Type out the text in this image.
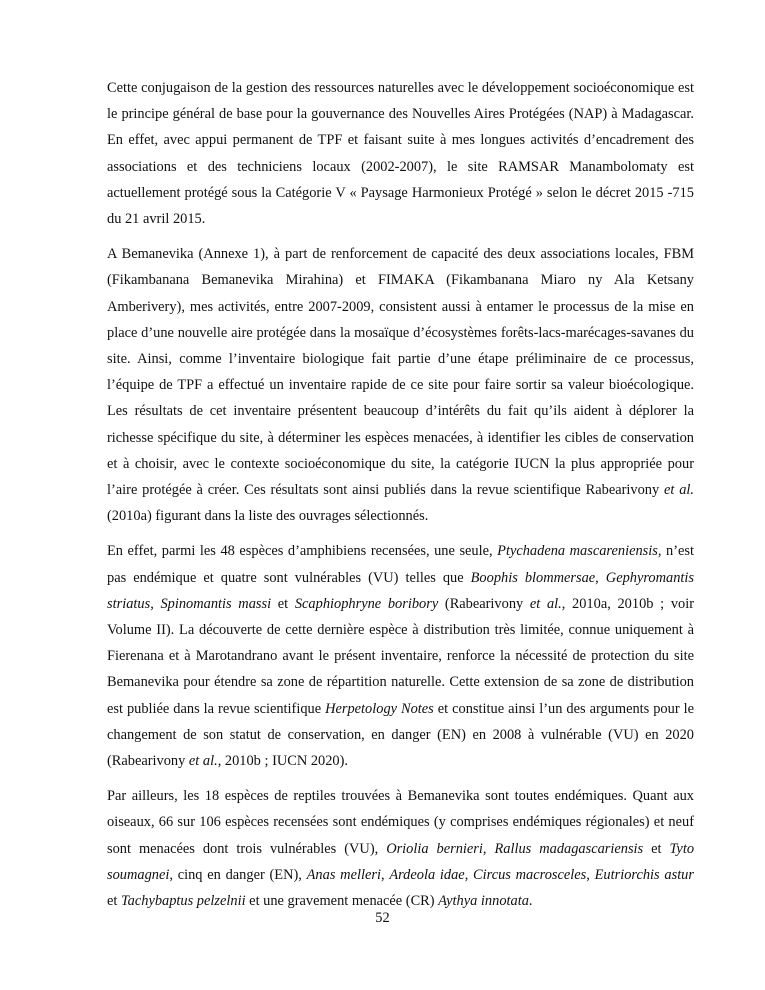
Cette conjugaison de la gestion des ressources naturelles avec le développement socioéconomique est le principe général de base pour la gouvernance des Nouvelles Aires Protégées (NAP) à Madagascar. En effet, avec appui permanent de TPF et faisant suite à mes longues activités d’encadrement des associations et des techniciens locaux (2002-2007), le site RAMSAR Manambolomaty est actuellement protégé sous la Catégorie V « Paysage Harmonieux Protégé » selon le décret 2015 -715 du 21 avril 2015.

A Bemanevika (Annexe 1), à part de renforcement de capacité des deux associations locales, FBM (Fikambanana Bemanevika Mirahina) et FIMAKA (Fikambanana Miaro ny Ala Ketsany Amberivery), mes activités, entre 2007-2009, consistent aussi à entamer le processus de la mise en place d’une nouvelle aire protégée dans la mosaïque d’écosystèmes forêts-lacs-marécages-savanes du site. Ainsi, comme l’inventaire biologique fait partie d’une étape préliminaire de ce processus, l’équipe de TPF a effectué un inventaire rapide de ce site pour faire sortir sa valeur bioécologique. Les résultats de cet inventaire présentent beaucoup d’intérêts du fait qu’ils aident à déplorer la richesse spécifique du site, à déterminer les espèces menacées, à identifier les cibles de conservation et à choisir, avec le contexte socioéconomique du site, la catégorie IUCN la plus appropriée pour l’aire protégée à créer. Ces résultats sont ainsi publiés dans la revue scientifique Rabearivony et al. (2010a) figurant dans la liste des ouvrages sélectionnés.

En effet, parmi les 48 espèces d’amphibiens recensées, une seule, Ptychadena mascareniensis, n’est pas endémique et quatre sont vulnérables (VU) telles que Boophis blommersae, Gephyromantis striatus, Spinomantis massi et Scaphiophryne boribory (Rabearivony et al., 2010a, 2010b ; voir Volume II). La découverte de cette dernière espèce à distribution très limitée, connue uniquement à Fierenana et à Marotandrano avant le présent inventaire, renforce la nécessité de protection du site Bemanevika pour étendre sa zone de répartition naturelle. Cette extension de sa zone de distribution est publiée dans la revue scientifique Herpetology Notes et constitue ainsi l’un des arguments pour le changement de son statut de conservation, en danger (EN) en 2008 à vulnérable (VU) en 2020 (Rabearivony et al., 2010b ; IUCN 2020).

Par ailleurs, les 18 espèces de reptiles trouvées à Bemanevika sont toutes endémiques. Quant aux oiseaux, 66 sur 106 espèces recensées sont endémiques (y comprises endémiques régionales) et neuf sont menacées dont trois vulnérables (VU), Oriolia bernieri, Rallus madagascariensis et Tyto soumagnei, cinq en danger (EN), Anas melleri, Ardeola idae, Circus macrosceles, Eutriorchis astur et Tachybaptus pelzelnii et une gravement menacée (CR) Aythya innotata.

52
